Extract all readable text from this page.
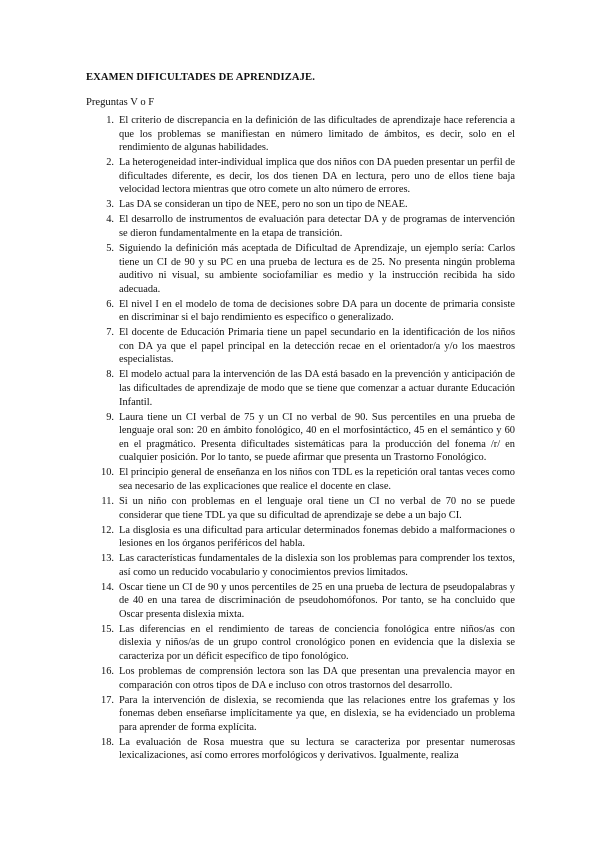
EXAMEN DIFICULTADES DE APRENDIZAJE.
Preguntas V o F
1. El criterio de discrepancia en la definición de las dificultades de aprendizaje hace referencia a que los problemas se manifiestan en número limitado de ámbitos, es decir, solo en el rendimiento de algunas habilidades.
2. La heterogeneidad inter-individual implica que dos niños con DA pueden presentar un perfil de dificultades diferente, es decir, los dos tienen DA en lectura, pero uno de ellos tiene baja velocidad lectora mientras que otro comete un alto número de errores.
3. Las DA se consideran un tipo de NEE, pero no son un tipo de NEAE.
4. El desarrollo de instrumentos de evaluación para detectar DA y de programas de intervención se dieron fundamentalmente en la etapa de transición.
5. Siguiendo la definición más aceptada de Dificultad de Aprendizaje, un ejemplo sería: Carlos tiene un CI de 90 y su PC en una prueba de lectura es de 25. No presenta ningún problema auditivo ni visual, su ambiente sociofamiliar es medio y la instrucción recibida ha sido adecuada.
6. El nivel I en el modelo de toma de decisiones sobre DA para un docente de primaria consiste en discriminar si el bajo rendimiento es específico o generalizado.
7. El docente de Educación Primaria tiene un papel secundario en la identificación de los niños con DA ya que el papel principal en la detección recae en el orientador/a y/o los maestros especialistas.
8. El modelo actual para la intervención de las DA está basado en la prevención y anticipación de las dificultades de aprendizaje de modo que se tiene que comenzar a actuar durante Educación Infantil.
9. Laura tiene un CI verbal de 75 y un CI no verbal de 90. Sus percentiles en una prueba de lenguaje oral son: 20 en ámbito fonológico, 40 en el morfosintáctico, 45 en el semántico y 60 en el pragmático. Presenta dificultades sistemáticas para la producción del fonema /r/ en cualquier posición. Por lo tanto, se puede afirmar que presenta un Trastorno Fonológico.
10. El principio general de enseñanza en los niños con TDL es la repetición oral tantas veces como sea necesario de las explicaciones que realice el docente en clase.
11. Si un niño con problemas en el lenguaje oral tiene un CI no verbal de 70 no se puede considerar que tiene TDL ya que su dificultad de aprendizaje se debe a un bajo CI.
12. La disglosia es una dificultad para articular determinados fonemas debido a malformaciones o lesiones en los órganos periféricos del habla.
13. Las características fundamentales de la dislexia son los problemas para comprender los textos, así como un reducido vocabulario y conocimientos previos limitados.
14. Oscar tiene un CI de 90 y unos percentiles de 25 en una prueba de lectura de pseudopalabras y de 40 en una tarea de discriminación de pseudohomófonos. Por tanto, se ha concluido que Oscar presenta dislexia mixta.
15. Las diferencias en el rendimiento de tareas de conciencia fonológica entre niños/as con dislexia y niños/as de un grupo control cronológico ponen en evidencia que la dislexia se caracteriza por un déficit específico de tipo fonológico.
16. Los problemas de comprensión lectora son las DA que presentan una prevalencia mayor en comparación con otros tipos de DA e incluso con otros trastornos del desarrollo.
17. Para la intervención de dislexia, se recomienda que las relaciones entre los grafemas y los fonemas deben enseñarse implícitamente ya que, en dislexia, se ha evidenciado un problema para aprender de forma explícita.
18. La evaluación de Rosa muestra que su lectura se caracteriza por presentar numerosas lexicalizaciones, así como errores morfológicos y derivativos. Igualmente, realiza
